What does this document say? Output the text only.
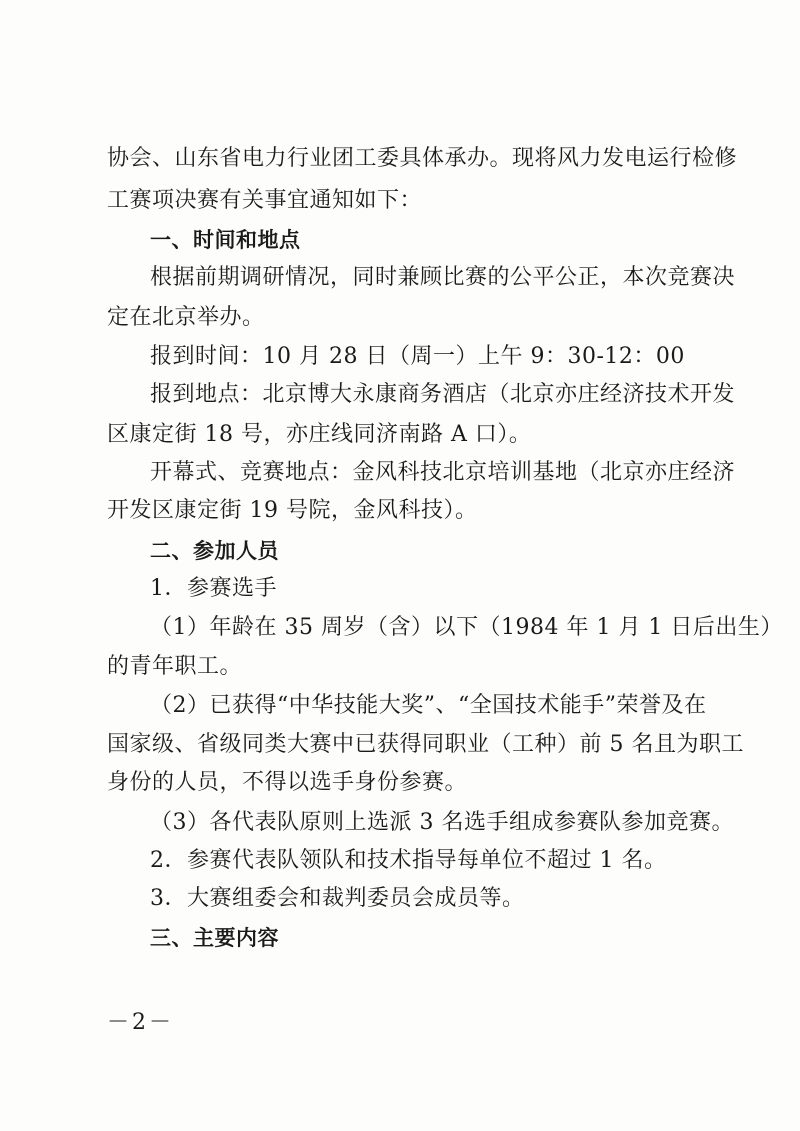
协会、山东省电力行业团工委具体承办。现将风力发电运行检修
工赛项决赛有关事宜通知如下：
一、时间和地点
根据前期调研情况，同时兼顾比赛的公平公正，本次竞赛决
定在北京举办。
报到时间：10 月 28 日（周一）上午 9：30-12：00
报到地点：北京博大永康商务酒店（北京亦庄经济技术开发
区康定街 18 号，亦庄线同济南路 A 口）。
开幕式、竞赛地点：金风科技北京培训基地（北京亦庄经济
开发区康定街 19 号院，金风科技）。
二、参加人员
1．参赛选手
（1）年龄在 35 周岁（含）以下（1984 年 1 月 1 日后出生）
的青年职工。
（2）已获得“中华技能大奖”、“全国技术能手”荣誉及在
国家级、省级同类大赛中已获得同职业（工种）前 5 名且为职工
身份的人员，不得以选手身份参赛。
（3）各代表队原则上选派 3 名选手组成参赛队参加竞赛。
2．参赛代表队领队和技术指导每单位不超过 1 名。
3．大赛组委会和裁判委员会成员等。
三、主要内容
－2－
